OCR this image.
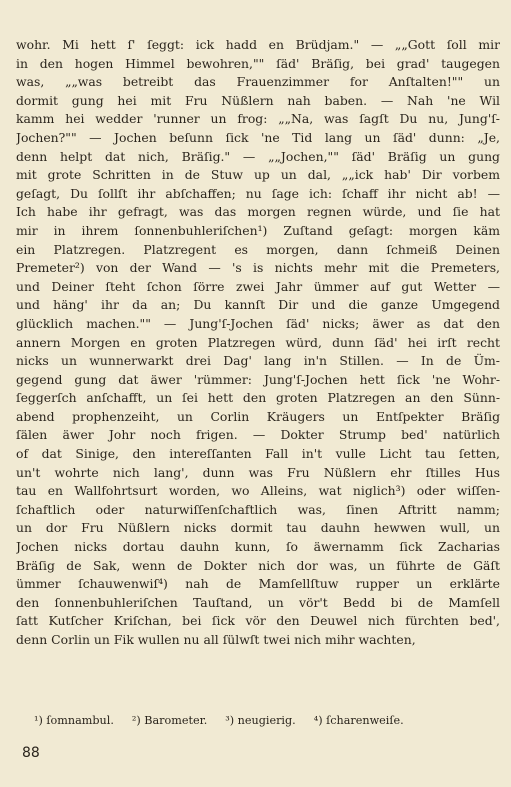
wohr. Mi hett ſ' ſeggt: ick hadd en Brüdjam." — „„Gott ſoll mir
in den hogen Himmel bewohren,"" ſäd' Bräſig, bei grad' taugegen
was, „„was betreibt das Frauenzimmer for Anſtalten!"" un
dormit gung hei mit Fru Nüßlern nah baben. — Nah 'ne Wil
kamm hei wedder 'runner un frog: „„Na, was ſagſt Du nu, Jung'ſ-
Jochen?"" — Jochen beſunn ſick 'ne Tid lang un ſäd' dunn: „Je,
denn helpt dat nich, Bräſig." — „„Jochen,"" ſäd' Bräſig un gung
mit grote Schritten in de Stuw up un dal, „„ick hab' Dir vorbem
geſagt, Du ſollſt ihr abſchaffen; nu ſage ich: ſchaff ihr nicht ab! —
Ich habe ihr gefragt, was das morgen regnen würde, und ſie hat
mir in ihrem ſonnenbuhleriſchen¹) Zuſtand geſagt: morgen käm
ein Platzregen. Platzregent es morgen, dann ſchmeiß Deinen
Premeter²) von der Wand — 's is nichts mehr mit die Premeters,
und Deiner ſteht ſchon ſörre zwei Jahr ümmer auf gut Wetter —
und häng' ihr da an; Du kannſt Dir und die ganze Umgegend
glücklich machen."" — Jung'ſ-Jochen ſäd' nicks; äwer as dat den
annern Morgen en groten Platzregen würd, dunn ſäd' hei irſt recht
nicks un wunnerwarkt drei Dag' lang in'n Stillen. — In de Üm-
gegend gung dat äwer 'rümmer: Jung'ſ-Jochen hett ſick 'ne Wohr-
ſeggerſch anſchafft, un ſei hett den groten Platzregen an den Sünn-
abend prophenzeiht, un Corlin Kräugers un Entſpekter Bräſig
ſälen äwer Johr noch frigen. — Dokter Strump bed' natürlich
of dat Sinige, den intereſſanten Fall in't vulle Licht tau ſetten,
un't wohrte nich lang', dunn was Fru Nüßlern ehr ſtilles Hus
tau en Wallfohrtsurt worden, wo Alleins, wat niglich³) oder wiſſen-
ſchaftlich oder naturwiſſenſchaftlich was, ſinen Aftritt namm;
un dor Fru Nüßlern nicks dormit tau dauhn hewwen wull, un
Jochen nicks dortau dauhn kunn, ſo äwernamm ſick Zacharias
Bräſig de Sak, wenn de Dokter nich dor was, un führte de Gäſt
ümmer ſchauwenwiſ⁴) nah de Mamſellſtuw rupper un erklärte
den ſonnenbuhleriſchen Tauſtand, un vör't Bedd bi de Mamſell
ſatt Kutſcher Kriſchan, bei ſick vör den Deuwel nich fürchten bed',
denn Corlin un Fik wullen nu all ſülwſt twei nich mihr wachten,
¹) ſomnambul. ²) Barometer. ³) neugierig. ⁴) ſcharenweiſe.
88
